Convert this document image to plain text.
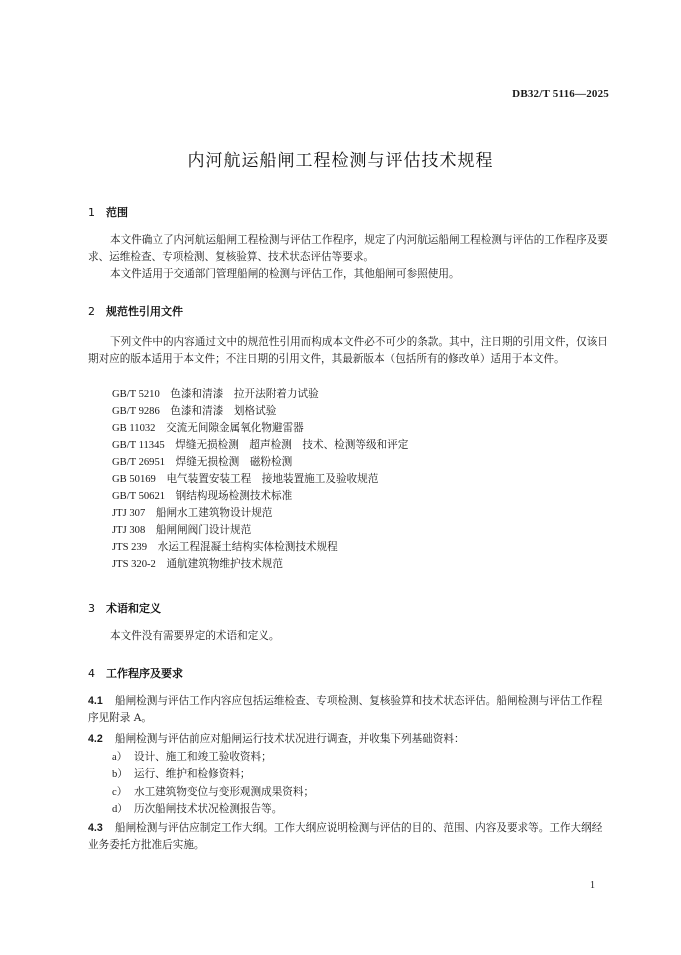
DB32/T 5116—2025
内河航运船闸工程检测与评估技术规程
1 范围
本文件确立了内河航运船闸工程检测与评估工作程序，规定了内河航运船闸工程检测与评估的工作程序及要求、运维检查、专项检测、复核验算、技术状态评估等要求。
本文件适用于交通部门管理船闸的检测与评估工作，其他船闸可参照使用。
2 规范性引用文件
下列文件中的内容通过文中的规范性引用而构成本文件必不可少的条款。其中，注日期的引用文件，仅该日期对应的版本适用于本文件；不注日期的引用文件，其最新版本（包括所有的修改单）适用于本文件。
GB/T 5210　 色漆和清漆　拉开法附着力试验
GB/T 9286　 色漆和清漆　划格试验
GB 11032　 交流无间隙金属氧化物避雷器
GB/T 11345　 焊缝无损检测　超声检测　技术、检测等级和评定
GB/T 26951　 焊缝无损检测　磁粉检测
GB 50169　 电气装置安装工程　接地装置施工及验收规范
GB/T 50621　 钢结构现场检测技术标准
JTJ 307　 船闸水工建筑物设计规范
JTJ 308　 船闸闸阀门设计规范
JTS 239　 水运工程混凝土结构实体检测技术规程
JTS 320-2　 通航建筑物维护技术规范
3 术语和定义
本文件没有需要界定的术语和定义。
4 工作程序及要求
4.1 船闸检测与评估工作内容应包括运维检查、专项检测、复核验算和技术状态评估。船闸检测与评估工作程序见附录 A。
4.2 船闸检测与评估前应对船闸运行技术状况进行调查，并收集下列基础资料：
a） 设计、施工和竣工验收资料；
b） 运行、维护和检修资料；
c） 水工建筑物变位与变形观测成果资料；
d） 历次船闸技术状况检测报告等。
4.3 船闸检测与评估应制定工作大纲。工作大纲应说明检测与评估的目的、范围、内容及要求等。工作大纲经业务委托方批准后实施。
1
